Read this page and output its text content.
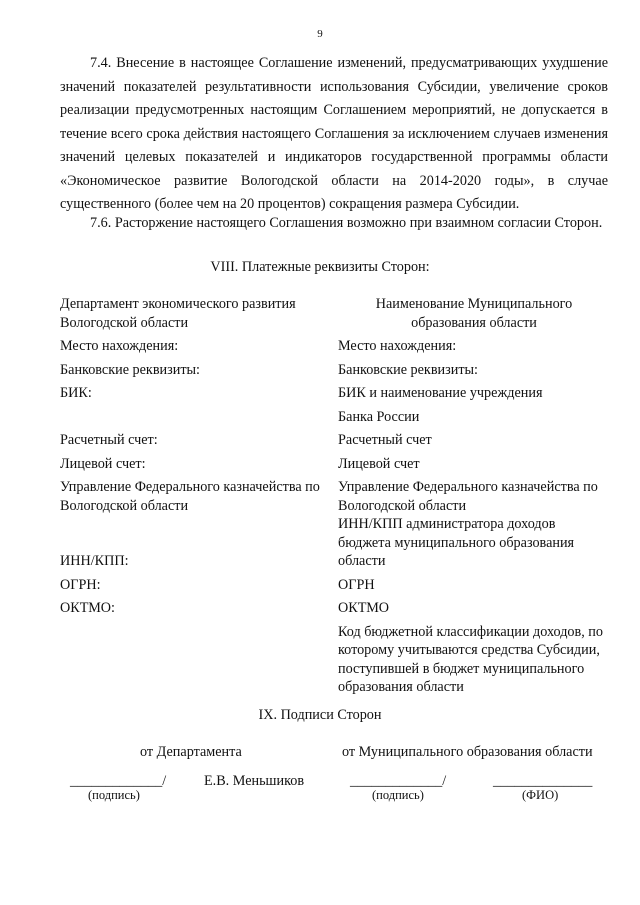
9

7.4. Внесение в настоящее Соглашение изменений, предусматривающих ухудшение значений показателей результативности использования Субсидии, увеличение сроков реализации предусмотренных настоящим Соглашением мероприятий, не допускается в течение всего срока действия настоящего Соглашения за исключением случаев изменения значений целевых показателей и индикаторов государственной программы области «Экономическое развитие Вологодской области на 2014-2020 годы», в случае существенного (более чем на 20 процентов) сокращения размера Субсидии.

7.6. Расторжение настоящего Соглашения возможно при взаимном согласии Сторон.

VIII. Платежные реквизиты Сторон:
Департамент экономического развития Вологодской области	Наименование Муниципального образования области
Место нахождения:	Место нахождения:
Банковские реквизиты:	Банковские реквизиты:
БИК:	БИК и наименование учреждения
	Банка России
Расчетный счет:	Расчетный счет
Лицевой счет:	Лицевой счет
Управление Федерального казначейства по Вологодской области	Управление Федерального казначейства по Вологодской области
ИНН/КПП:	ИНН/КПП администратора доходов бюджета муниципального образования области
ОГРН:	ОГРН
ОКТМО:	ОКТМО
	Код бюджетной классификации доходов, по которому учитываются средства Субсидии, поступившей в бюджет муниципального образования области
IX. Подписи Сторон
от Департамента	от Муниципального образования области
_____________/	Е.В. Меньшиков	_____________/	______________
(подпись)	(подпись)	(ФИО)
